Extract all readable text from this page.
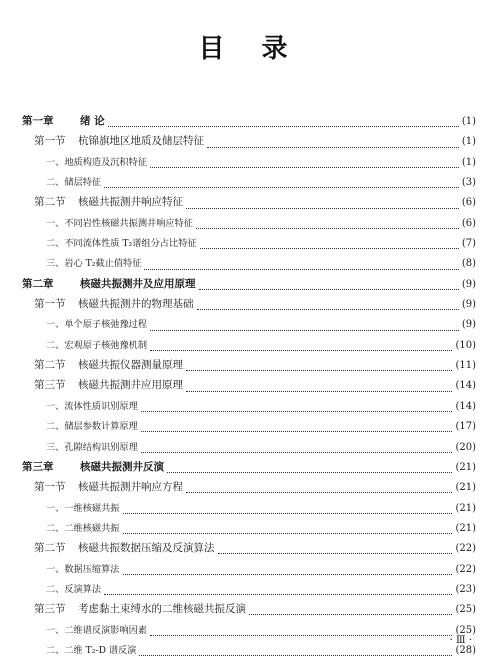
目 录
第一章	绪 论	(1)
第一节 杭锦旗地区地质及储层特征	(1)
一、地质构造及沉积特征	(1)
二、储层特征	(3)
第二节 核磁共振测井响应特征	(6)
一、不同岩性核磁共振测井响应特征	(6)
二、不同流体性质 T₂谱组分占比特征	(7)
三、岩心 T₂截止值特征	(8)
第二章	核磁共振测井及应用原理	(9)
第一节 核磁共振测井的物理基础	(9)
一、单个原子核弛豫过程	(9)
二、宏观原子核弛豫机制	(10)
第二节 核磁共振仪器测量原理	(11)
第三节 核磁共振测井应用原理	(14)
一、流体性质识别原理	(14)
二、储层参数计算原理	(17)
三、孔隙结构识别原理	(20)
第三章	核磁共振测井反演	(21)
第一节 核磁共振测井响应方程	(21)
一、一维核磁共振	(21)
二、二维核磁共振	(21)
第二节 核磁共振数据压缩及反演算法	(22)
一、数据压缩算法	(22)
二、反演算法	(23)
第三节 考虑黏土束缚水的二维核磁共振反演	(25)
一、二维谱反演影响因素	(25)
二、二维 T₂-D 谱反演	(28)
· Ⅲ ·
